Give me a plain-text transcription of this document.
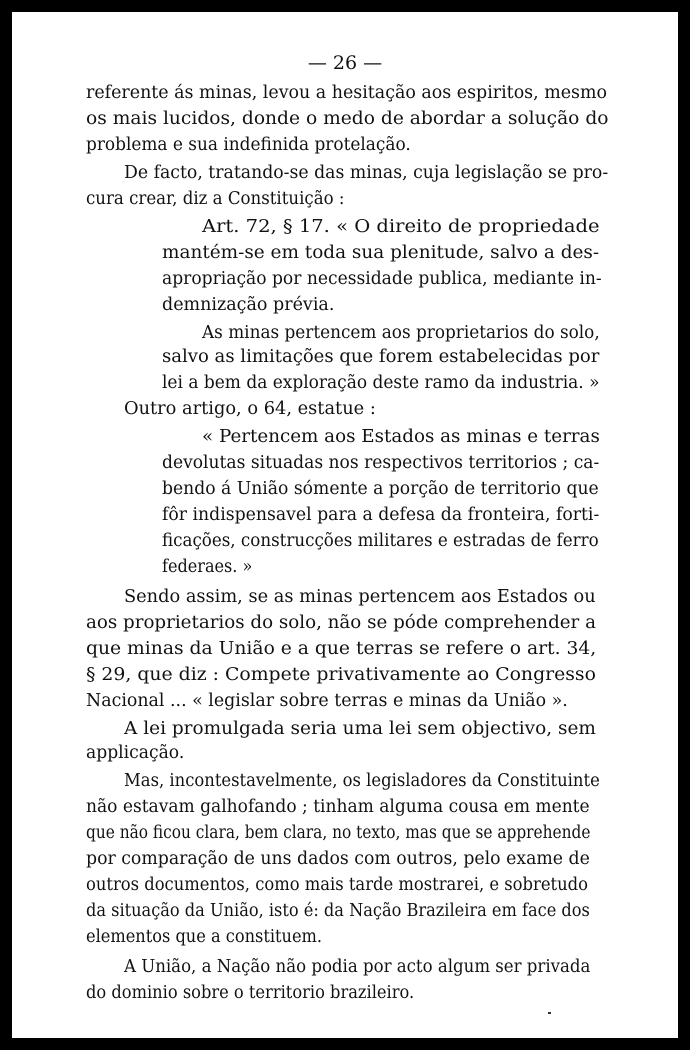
— 26 —
referente ás minas, levou a hesitação aos espiritos, mesmo
os mais lucidos, donde o medo de abordar a solução do
problema e sua indefinida protelação.
De facto, tratando-se das minas, cuja legislação se pro-
cura crear, diz a Constituição :
Art. 72, § 17. « O direito de propriedade
mantém-se em toda sua plenitude, salvo a des-
apropriação por necessidade publica, mediante in-
demnização prévia.
As minas pertencem aos proprietarios do solo,
salvo as limitações que forem estabelecidas por
lei a bem da exploração deste ramo da industria. »
Outro artigo, o 64, estatue :
« Pertencem aos Estados as minas e terras
devolutas situadas nos respectivos territorios ; ca-
bendo á União sómente a porção de territorio que
fôr indispensavel para a defesa da fronteira, forti-
ficações, construcções militares e estradas de ferro
federaes. »
Sendo assim, se as minas pertencem aos Estados ou
aos proprietarios do solo, não se póde comprehender a
que minas da União e a que terras se refere o art. 34,
§ 29, que diz : Compete privativamente ao Congresso
Nacional ... « legislar sobre terras e minas da União ».
A lei promulgada seria uma lei sem objectivo, sem
applicação.
Mas, incontestavelmente, os legisladores da Constituinte
não estavam galhofando ; tinham alguma cousa em mente
que não ficou clara, bem clara, no texto, mas que se apprehende
por comparação de uns dados com outros, pelo exame de
outros documentos, como mais tarde mostrarei, e sobretudo
da situação da União, isto é: da Nação Brazileira em face dos
elementos que a constituem.
A União, a Nação não podia por acto algum ser privada
do dominio sobre o territorio brazileiro.
